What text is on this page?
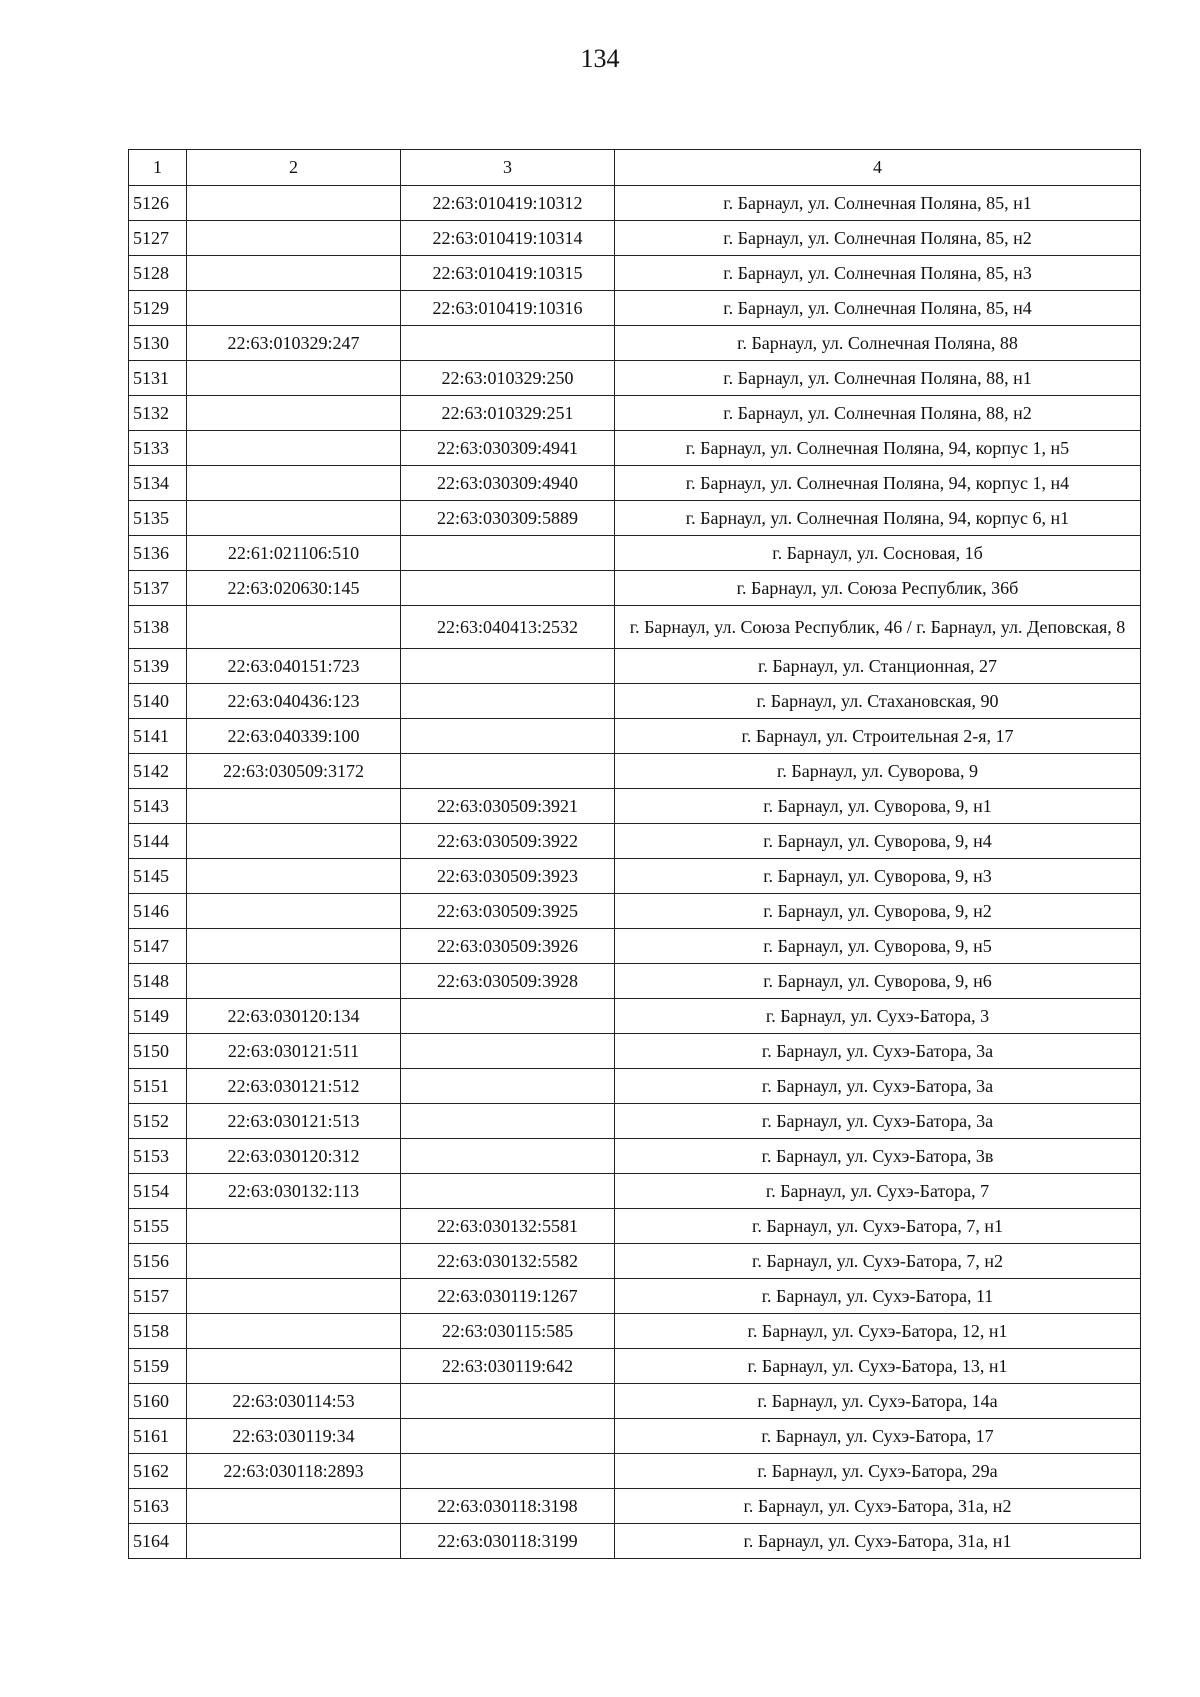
134
1	2	3	4
5126		22:63:010419:10312	г. Барнаул, ул. Солнечная Поляна, 85, н1
5127		22:63:010419:10314	г. Барнаул, ул. Солнечная Поляна, 85, н2
5128		22:63:010419:10315	г. Барнаул, ул. Солнечная Поляна, 85, н3
5129		22:63:010419:10316	г. Барнаул, ул. Солнечная Поляна, 85, н4
5130	22:63:010329:247		г. Барнаул, ул. Солнечная Поляна, 88
5131		22:63:010329:250	г. Барнаул, ул. Солнечная Поляна, 88, н1
5132		22:63:010329:251	г. Барнаул, ул. Солнечная Поляна, 88, н2
5133		22:63:030309:4941	г. Барнаул, ул. Солнечная Поляна, 94, корпус 1, н5
5134		22:63:030309:4940	г. Барнаул, ул. Солнечная Поляна, 94, корпус 1, н4
5135		22:63:030309:5889	г. Барнаул, ул. Солнечная Поляна, 94, корпус 6, н1
5136	22:61:021106:510		г. Барнаул, ул. Сосновая, 1б
5137	22:63:020630:145		г. Барнаул, ул. Союза Республик, 36б
5138		22:63:040413:2532	г. Барнаул, ул. Союза Республик, 46 / г. Барнаул, ул. Деповская, 8
5139	22:63:040151:723		г. Барнаул, ул. Станционная, 27
5140	22:63:040436:123		г. Барнаул, ул. Стахановская, 90
5141	22:63:040339:100		г. Барнаул, ул. Строительная 2-я, 17
5142	22:63:030509:3172		г. Барнаул, ул. Суворова, 9
5143		22:63:030509:3921	г. Барнаул, ул. Суворова, 9, н1
5144		22:63:030509:3922	г. Барнаул, ул. Суворова, 9, н4
5145		22:63:030509:3923	г. Барнаул, ул. Суворова, 9, н3
5146		22:63:030509:3925	г. Барнаул, ул. Суворова, 9, н2
5147		22:63:030509:3926	г. Барнаул, ул. Суворова, 9, н5
5148		22:63:030509:3928	г. Барнаул, ул. Суворова, 9, н6
5149	22:63:030120:134		г. Барнаул, ул. Сухэ-Батора, 3
5150	22:63:030121:511		г. Барнаул, ул. Сухэ-Батора, 3а
5151	22:63:030121:512		г. Барнаул, ул. Сухэ-Батора, 3а
5152	22:63:030121:513		г. Барнаул, ул. Сухэ-Батора, 3а
5153	22:63:030120:312		г. Барнаул, ул. Сухэ-Батора, 3в
5154	22:63:030132:113		г. Барнаул, ул. Сухэ-Батора, 7
5155		22:63:030132:5581	г. Барнаул, ул. Сухэ-Батора, 7, н1
5156		22:63:030132:5582	г. Барнаул, ул. Сухэ-Батора, 7, н2
5157		22:63:030119:1267	г. Барнаул, ул. Сухэ-Батора, 11
5158		22:63:030115:585	г. Барнаул, ул. Сухэ-Батора, 12, н1
5159		22:63:030119:642	г. Барнаул, ул. Сухэ-Батора, 13, н1
5160	22:63:030114:53		г. Барнаул, ул. Сухэ-Батора, 14а
5161	22:63:030119:34		г. Барнаул, ул. Сухэ-Батора, 17
5162	22:63:030118:2893		г. Барнаул, ул. Сухэ-Батора, 29а
5163		22:63:030118:3198	г. Барнаул, ул. Сухэ-Батора, 31а, н2
5164		22:63:030118:3199	г. Барнаул, ул. Сухэ-Батора, 31а, н1
